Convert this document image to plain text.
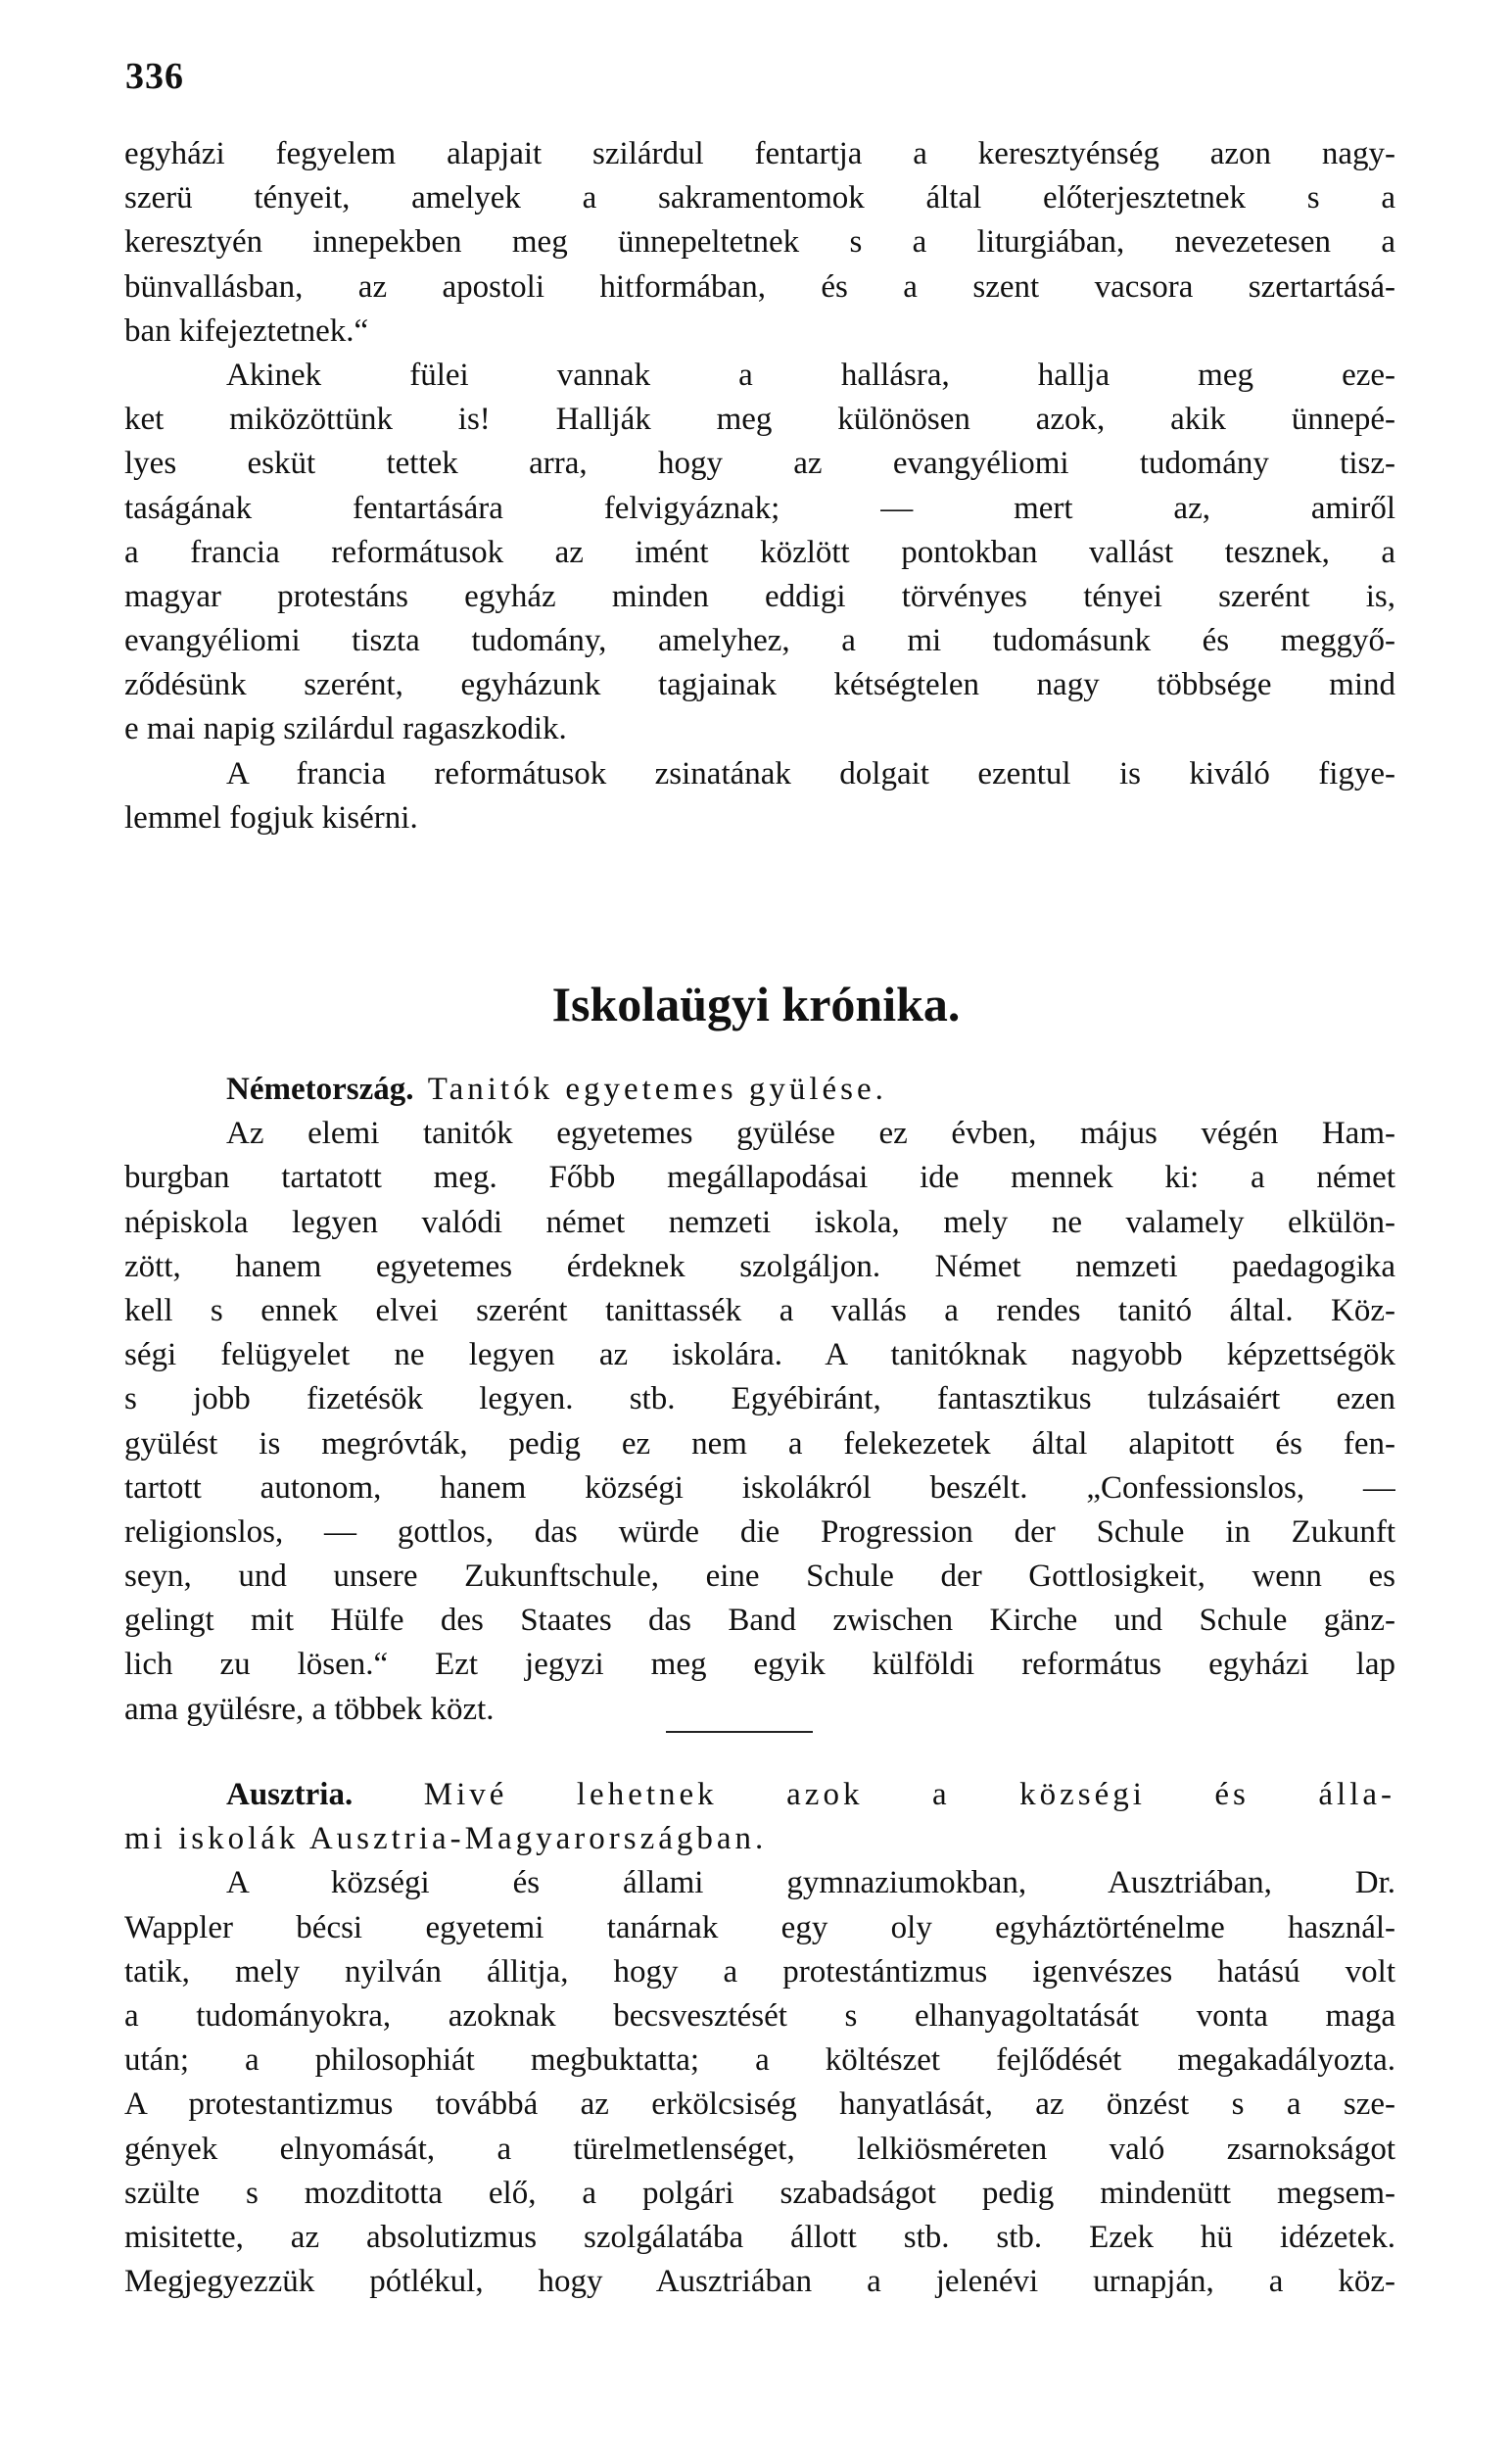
336
egyházi fegyelem alapjait szilárdul fentartja a keresztyénség azon nagy-
szerü tényeit, amelyek a sakramentomok által előterjesztetnek s a
keresztyén innepekben meg ünnepeltetnek s a liturgiában, nevezetesen a
bünvallásban, az apostoli hitformában, és a szent vacsora szertartásá-
ban kifejeztetnek.“
Akinek fülei vannak a hallásra, hallja meg eze-
ket miközöttünk is! Hallják meg különösen azok, akik ünnepé-
lyes esküt tettek arra, hogy az evangyéliomi tudomány tisz-
taságának fentartására felvigyáznak; — mert az, amiről
a francia reformátusok az imént közlött pontokban vallást tesznek, a
magyar protestáns egyház minden eddigi törvényes tényei szerént is,
evangyéliomi tiszta tudomány, amelyhez, a mi tudomásunk és meggyő-
ződésünk szerént, egyházunk tagjainak kétségtelen nagy többsége mind
e mai napig szilárdul ragaszkodik.
A francia reformátusok zsinatának dolgait ezentul is kiváló figye-
lemmel fogjuk kisérni.
Iskolaügyi krónika.
Németország. Tanitók egyetemes gyülése.
Az elemi tanitók egyetemes gyülése ez évben, május végén Ham-
burgban tartatott meg. Főbb megállapodásai ide mennek ki: a német
népiskola legyen valódi német nemzeti iskola, mely ne valamely elkülön-
zött, hanem egyetemes érdeknek szolgáljon. Német nemzeti paedagogika
kell s ennek elvei szerént tanittassék a vallás a rendes tanitó által. Köz-
ségi felügyelet ne legyen az iskolára. A tanitóknak nagyobb képzettségök
s jobb fizetésök legyen. stb. Egyébiránt, fantasztikus tulzásaiért ezen
gyülést is megróvták, pedig ez nem a felekezetek által alapitott és fen-
tartott autonom, hanem községi iskolákról beszélt. „Confessionslos, —
religionslos, — gottlos, das würde die Progression der Schule in Zukunft
seyn, und unsere Zukunftschule, eine Schule der Gottlosigkeit, wenn es
gelingt mit Hülfe des Staates das Band zwischen Kirche und Schule gänz-
lich zu lösen.“ Ezt jegyzi meg egyik külföldi református egyházi lap
ama gyülésre, a többek közt.
Ausztria. Mivé lehetnek azok a községi és álla-
mi iskolák Ausztria-Magyarországban.
A községi és állami gymnaziumokban, Ausztriában, Dr.
Wappler bécsi egyetemi tanárnak egy oly egyháztörténelme használ-
tatik, mely nyilván állitja, hogy a protestántizmus igenvészes hatású volt
a tudományokra, azoknak becsvesztését s elhanyagoltatását vonta maga
után; a philosophiát megbuktatta; a költészet fejlődését megakadályozta.
A protestantizmus továbbá az erkölcsiség hanyatlását, az önzést s a sze-
gények elnyomását, a türelmetlenséget, lelkiösméreten való zsarnokságot
szülte s mozditotta elő, a polgári szabadságot pedig mindenütt megsem-
misitette, az absolutizmus szolgálatába állott stb. stb. Ezek hü idézetek.
Megjegyezzük pótlékul, hogy Ausztriában a jelenévi urnapján, a köz-
